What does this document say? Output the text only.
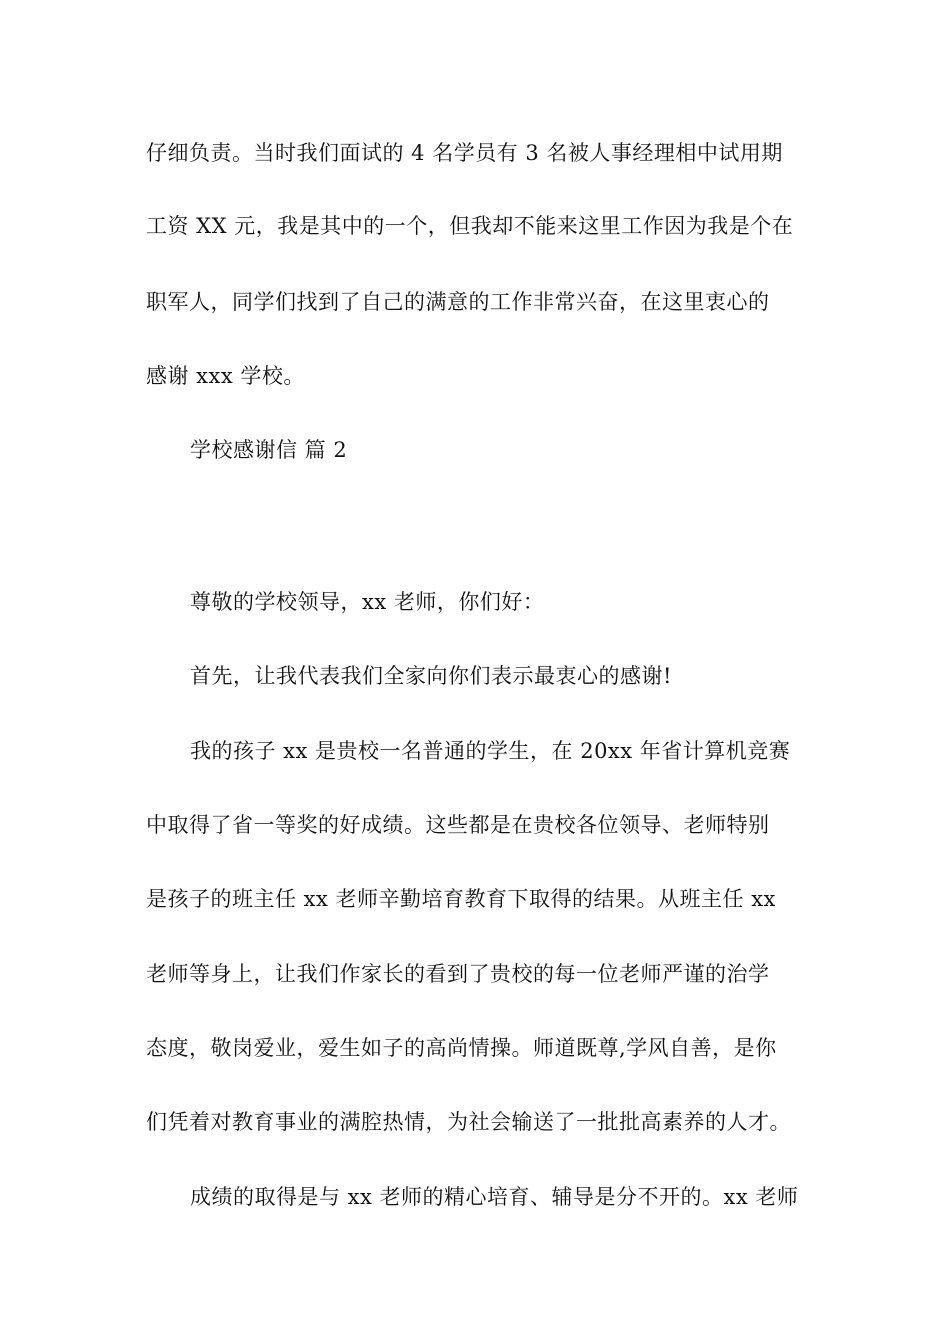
仔细负责。当时我们面试的 4 名学员有 3 名被人事经理相中试用期
工资 XX 元，我是其中的一个，但我却不能来这里工作因为我是个在
职军人，同学们找到了自己的满意的工作非常兴奋，在这里衷心的
感谢 xxx 学校。
学校感谢信 篇 2
尊敬的学校领导，xx 老师，你们好：
首先，让我代表我们全家向你们表示最衷心的感谢!
我的孩子 xx 是贵校一名普通的学生，在 20xx 年省计算机竞赛
中取得了省一等奖的好成绩。这些都是在贵校各位领导、老师特别
是孩子的班主任 xx 老师辛勤培育教育下取得的结果。从班主任 xx
老师等身上，让我们作家长的看到了贵校的每一位老师严谨的治学
态度，敬岗爱业，爱生如子的高尚情操。师道既尊,学风自善，是你
们凭着对教育事业的满腔热情，为社会输送了一批批高素养的人才。
成绩的取得是与 xx 老师的精心培育、辅导是分不开的。xx 老师
